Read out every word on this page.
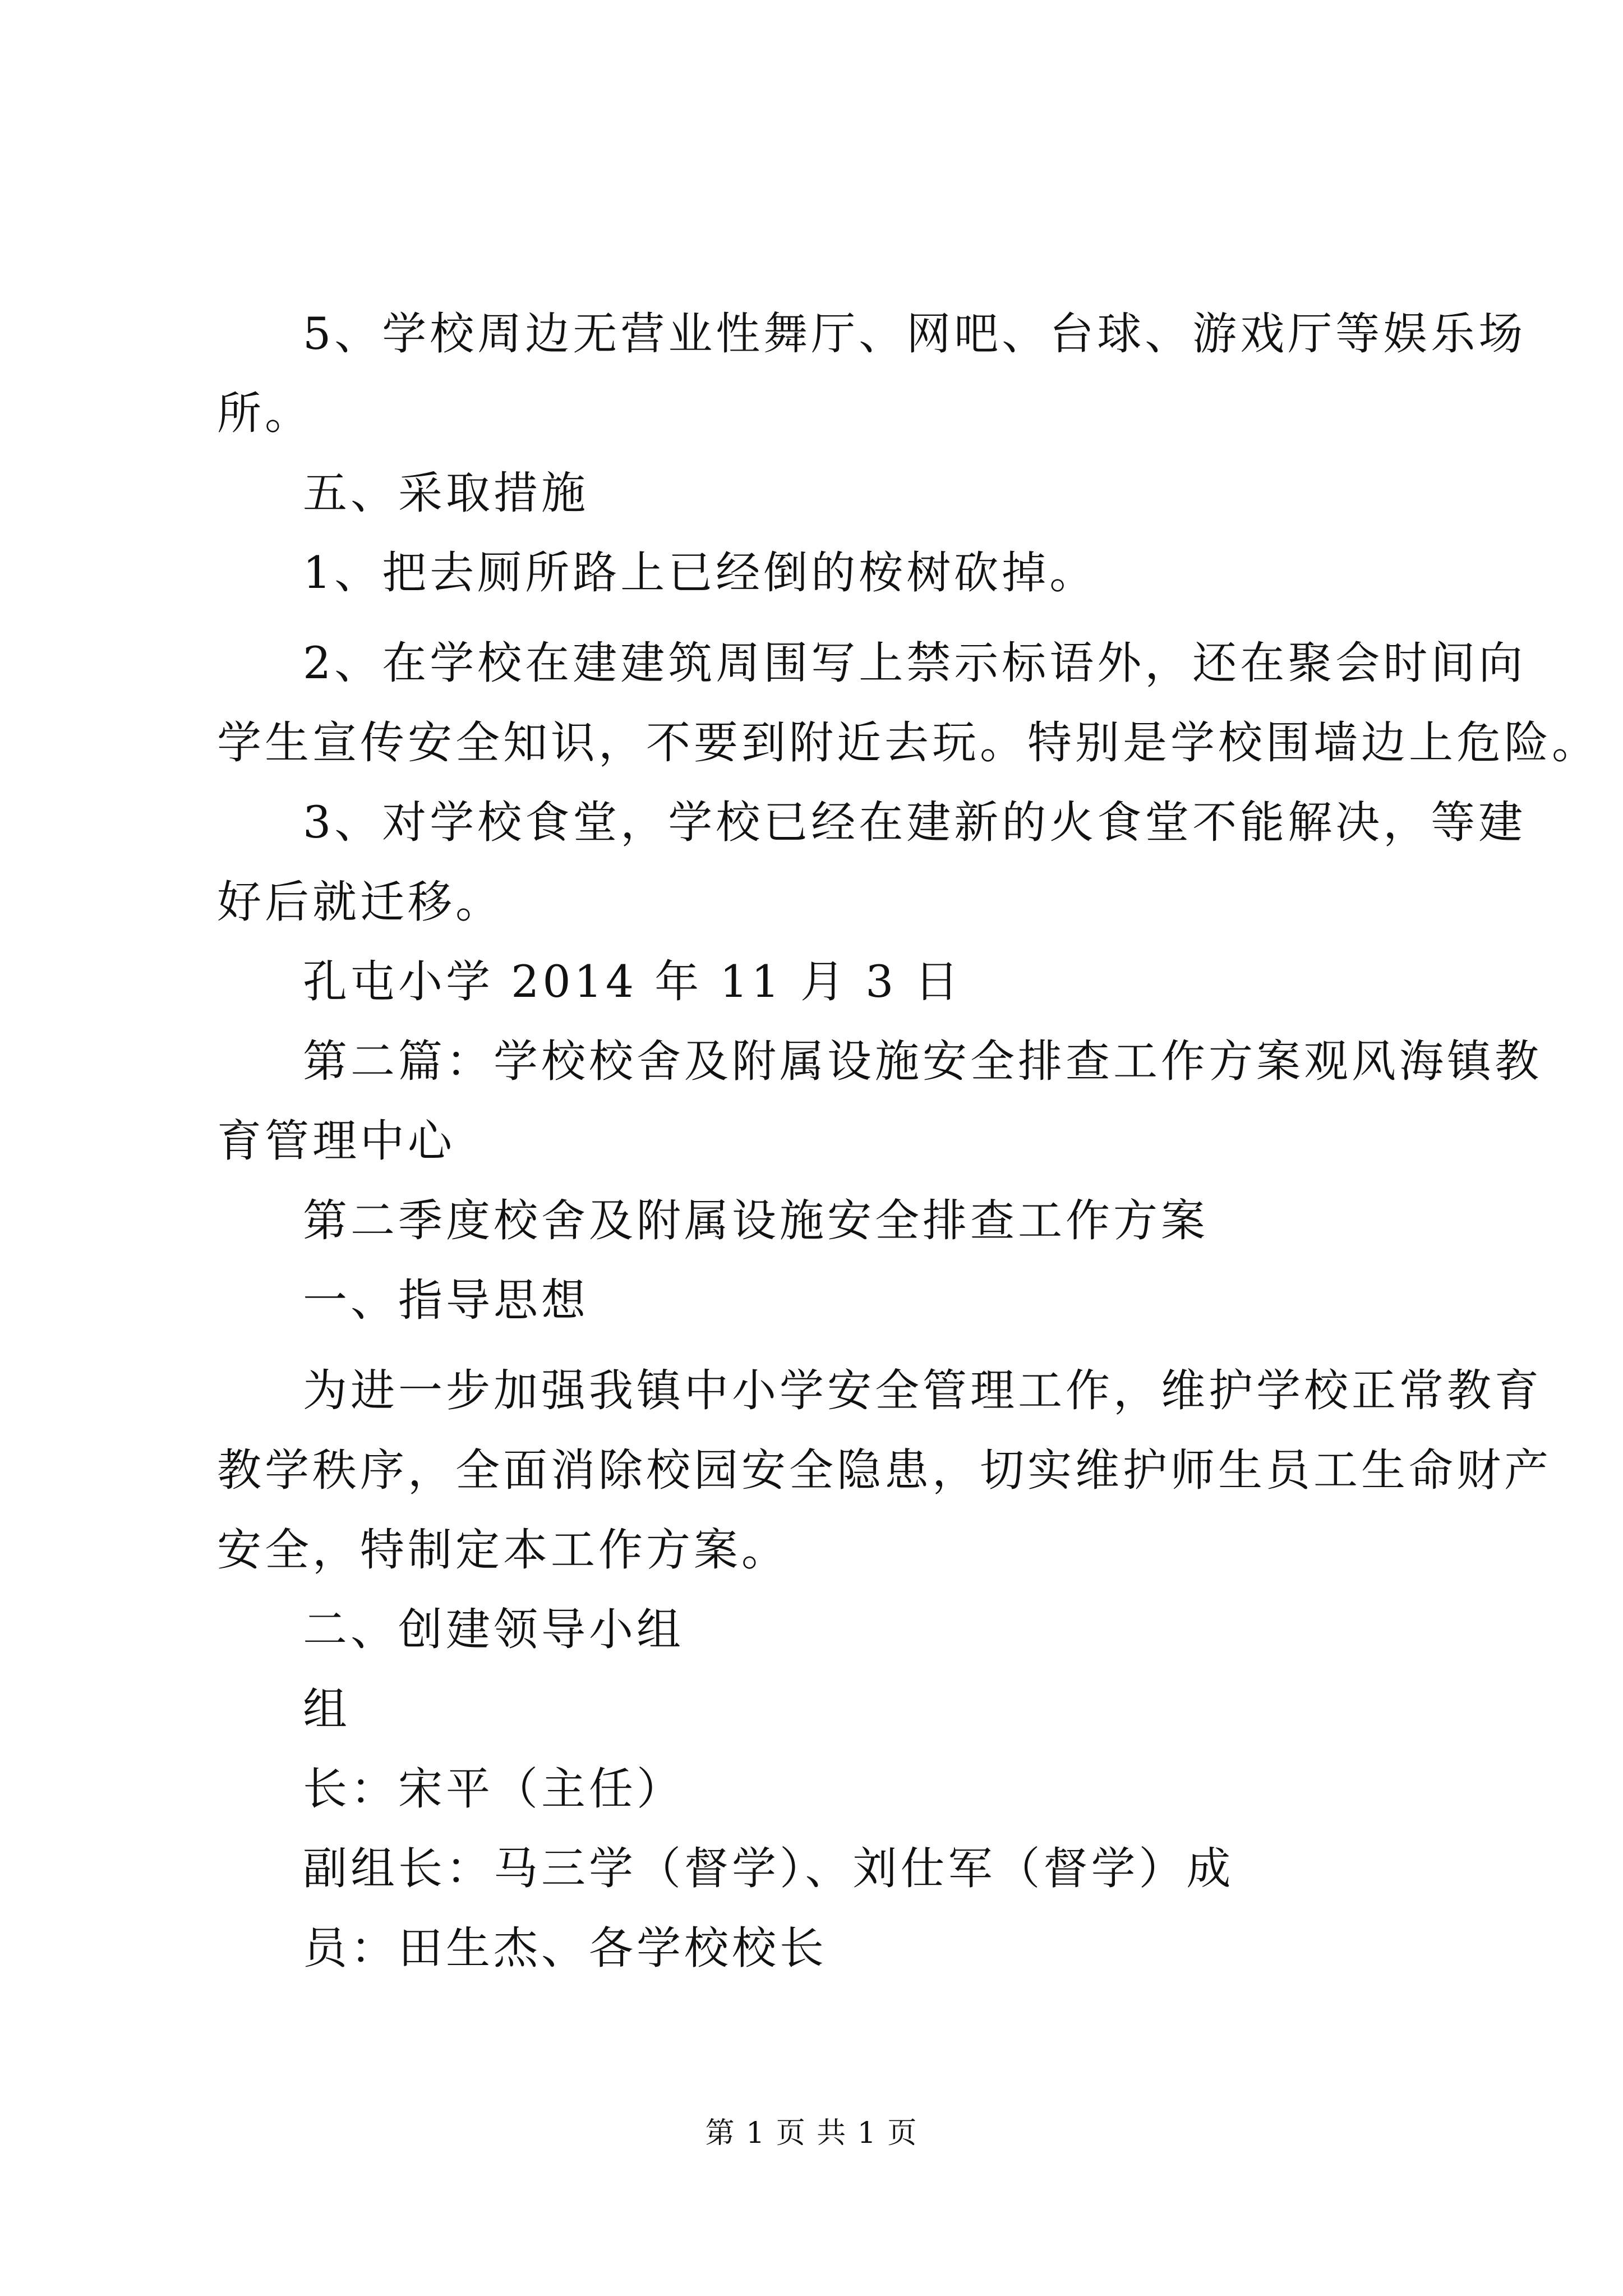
5、学校周边无营业性舞厅、网吧、台球、游戏厅等娱乐场
所。
五、采取措施
1、把去厕所路上已经倒的桉树砍掉。
2、在学校在建建筑周围写上禁示标语外，还在聚会时间向
学生宣传安全知识，不要到附近去玩。特别是学校围墙边上危险。
3、对学校食堂，学校已经在建新的火食堂不能解决，等建
好后就迁移。
孔屯小学 2014 年 11 月 3 日
第二篇：学校校舍及附属设施安全排查工作方案观风海镇教
育管理中心
第二季度校舍及附属设施安全排查工作方案
一、指导思想
为进一步加强我镇中小学安全管理工作，维护学校正常教育
教学秩序，全面消除校园安全隐患，切实维护师生员工生命财产
安全，特制定本工作方案。
二、创建领导小组
组
长：宋平（主任）
副组长：马三学（督学）、刘仕军（督学）成
员：田生杰、各学校校长
第 1 页 共 1 页
